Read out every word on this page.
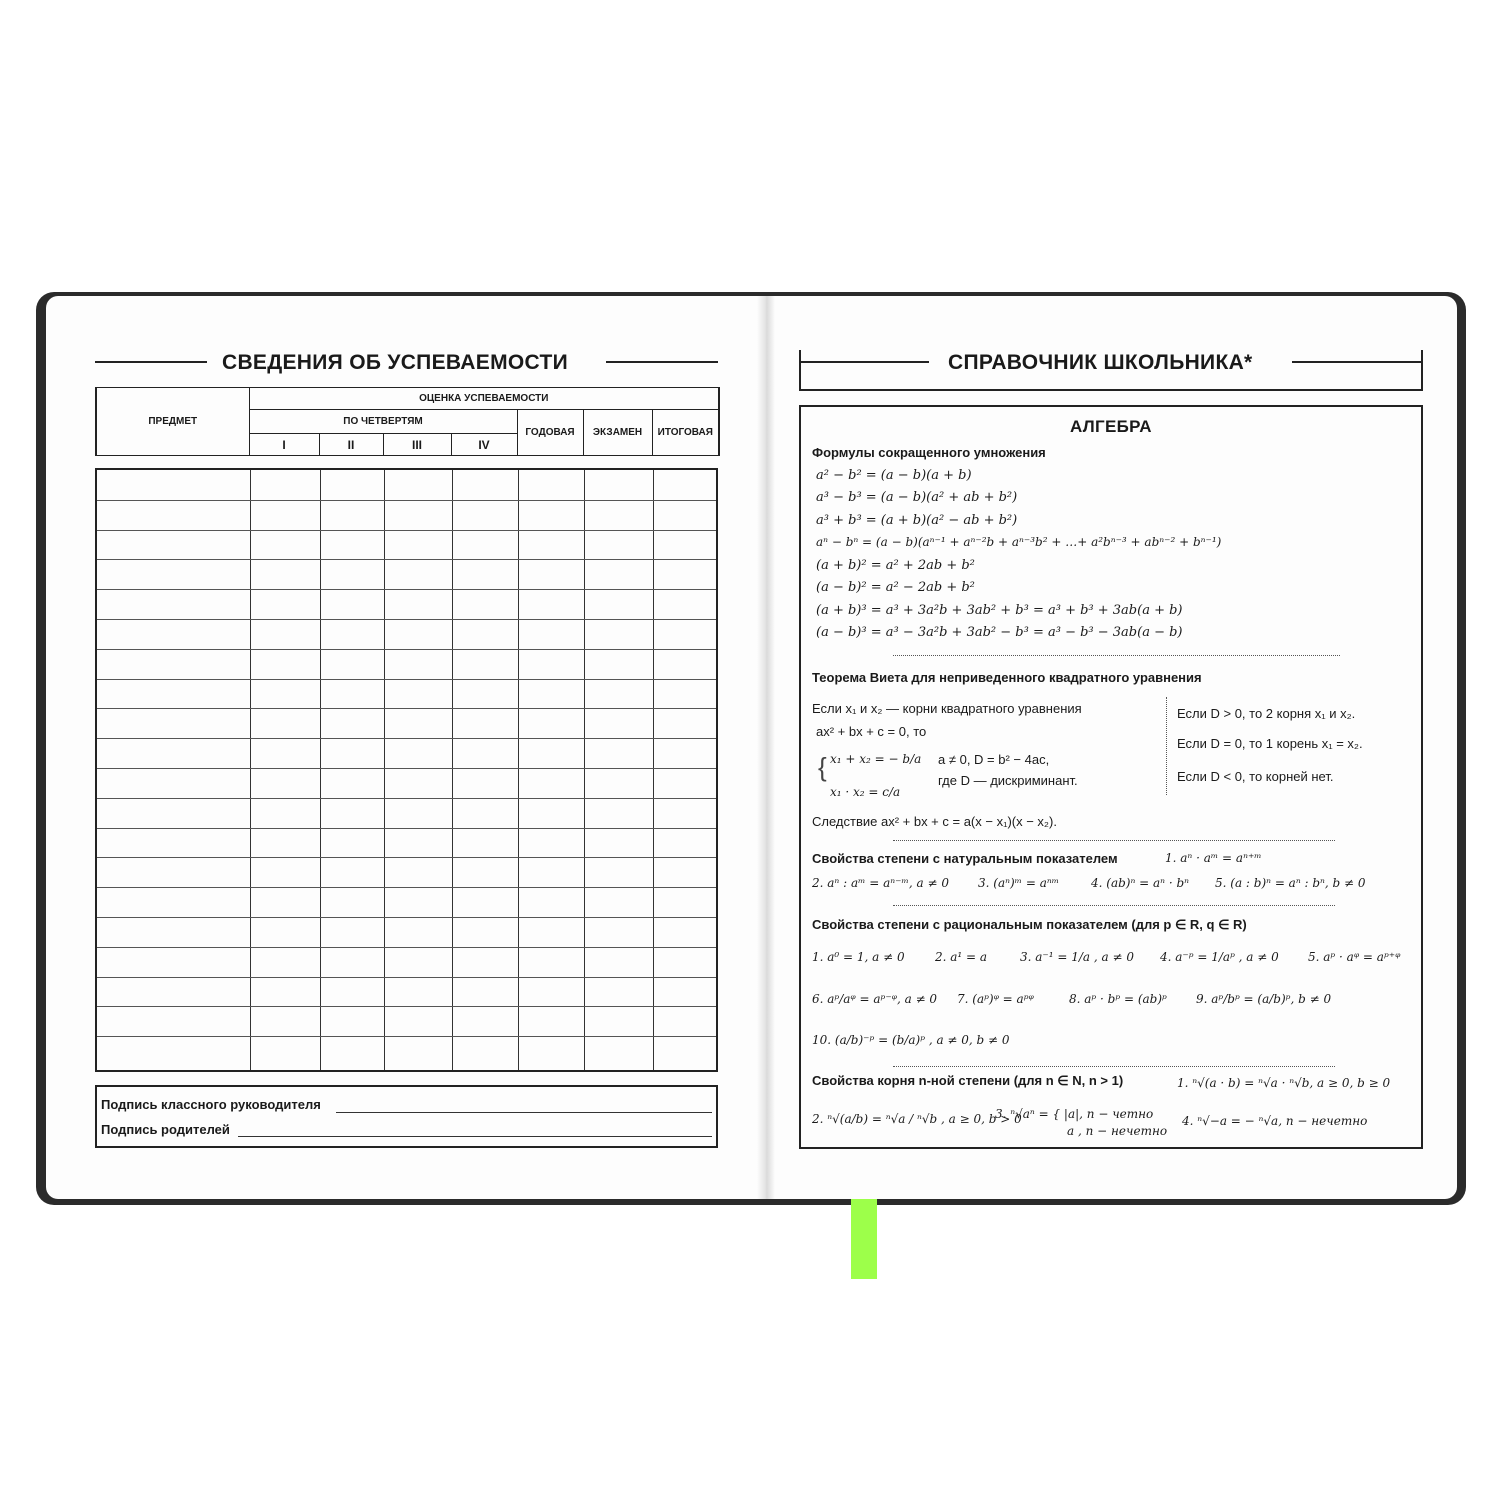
СВЕДЕНИЯ ОБ УСПЕВАЕМОСТИ
ПРЕДМЕТ	ОЦЕНКА УСПЕВАЕМОСТИ						
	ПО ЧЕТВЕРТЯМ				ГОДОВАЯ	ЭКЗАМЕН	ИТОГОВАЯ
	I	II	III	IV			
Подпись классного руководителя
Подпись родителей
СПРАВОЧНИК ШКОЛЬНИКА*
АЛГЕБРА
Формулы сокращенного умножения
a² − b² = (a − b)(a + b)
a³ − b³ = (a − b)(a² + ab + b²)
a³ + b³ = (a + b)(a² − ab + b²)
aⁿ − bⁿ = (a − b)(aⁿ⁻¹ + aⁿ⁻²b + aⁿ⁻³b² + …+ a²bⁿ⁻³ + abⁿ⁻² + bⁿ⁻¹)
(a + b)² = a² + 2ab + b²
(a − b)² = a² − 2ab + b²
(a + b)³ = a³ + 3a²b + 3ab² + b³ = a³ + b³ + 3ab(a + b)
(a − b)³ = a³ − 3a²b + 3ab² − b³ = a³ − b³ − 3ab(a − b)
Теорема Виета для неприведенного квадратного уравнения
Если x₁ и x₂ — корни квадратного уравнения
ax² + bx + c = 0, то
{ x₁ + x₂ = − b/a
x₁ · x₂ = c/a
a ≠ 0, D = b² − 4ac,
где D — дискриминант.
Следствие ax² + bx + c = a(x − x₁)(x − x₂).
Если D > 0, то 2 корня x₁ и x₂.
Если D = 0, то 1 корень x₁ = x₂.
Если D < 0, то корней нет.
Свойства степени с натуральным показателем	1. aⁿ · aᵐ = aⁿ⁺ᵐ
2. aⁿ : aᵐ = aⁿ⁻ᵐ, a ≠ 0 3. (aⁿ)ᵐ = aⁿᵐ	4. (ab)ⁿ = aⁿ · bⁿ 5. (a : b)ⁿ = aⁿ : bⁿ, b ≠ 0
Свойства степени с рациональным показателем (для p ∈ R, q ∈ R)
1. a⁰ = 1, a ≠ 0	2. a¹ = a	3. a⁻¹ = 1/a , a ≠ 0 4. a⁻ᵖ = 1/aᵖ , a ≠ 0 5. aᵖ · aᵠ = aᵖ⁺ᵠ
6. aᵖ/aᵠ = aᵖ⁻ᵠ, a ≠ 0 7. (aᵖ)ᵠ = aᵖᵠ	8. aᵖ · bᵖ = (ab)ᵖ 9. aᵖ/bᵖ = (a/b)ᵖ, b ≠ 0
10. (a/b)⁻ᵖ = (b/a)ᵖ , a ≠ 0, b ≠ 0
Свойства корня n-ной степени (для n ∈ N, n > 1)	1. ⁿ√(a · b) = ⁿ√a · ⁿ√b, a ≥ 0, b ≥ 0
2. ⁿ√(a/b) = ⁿ√a / ⁿ√b , a ≥ 0, b > 0
3. ⁿ√aⁿ = { |a|, n − четно
a , n − нечетно
4. ⁿ√−a = − ⁿ√a, n − нечетно
